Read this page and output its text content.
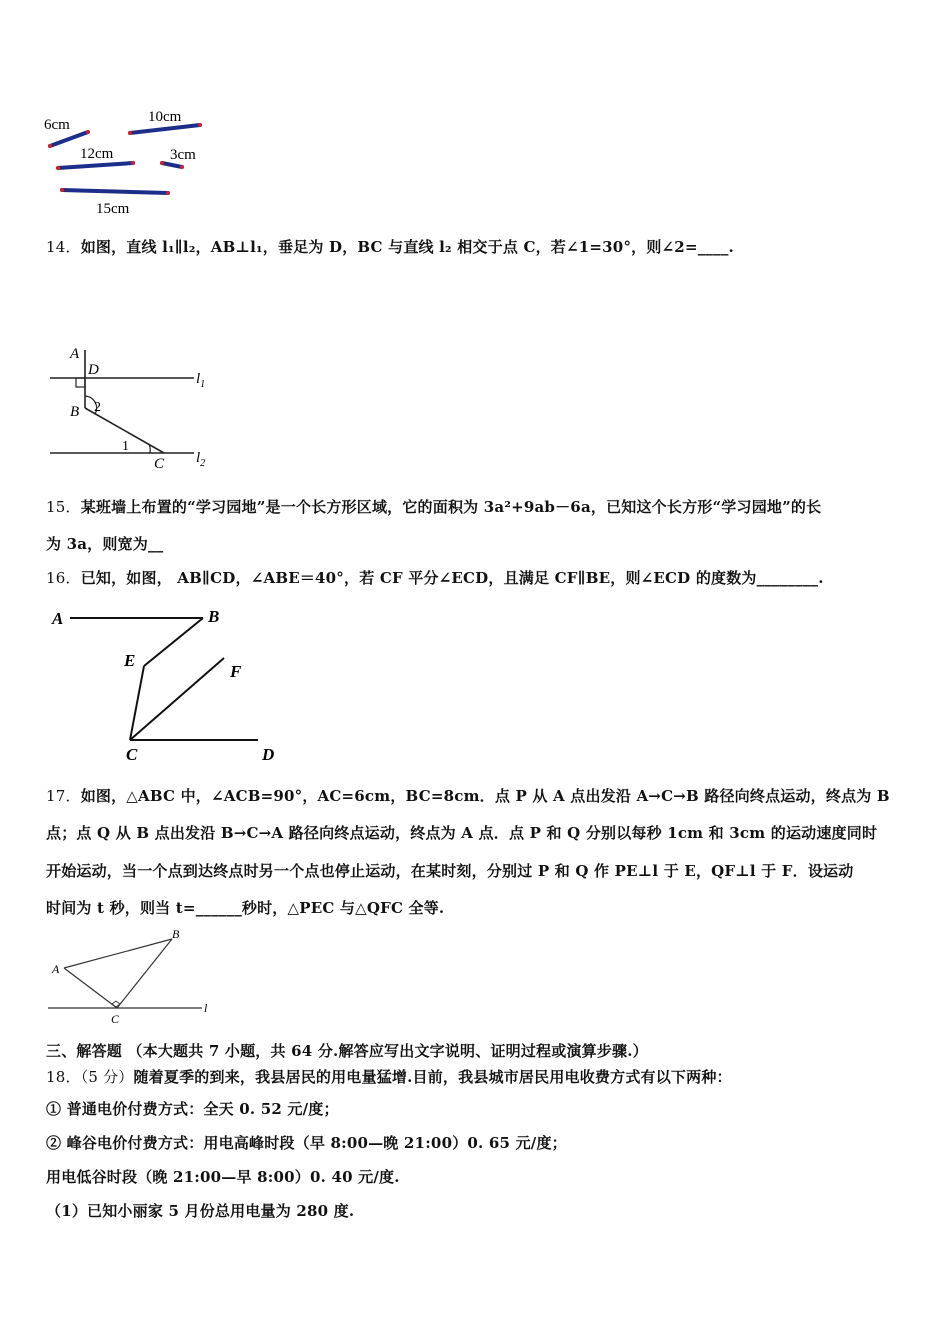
6cm	10cm
12cm	3cm
15cm
14．如图，直线 l₁∥l₂，AB⊥l₁，垂足为 D，BC 与直线 l₂ 相交于点 C，若∠1=30°，则∠2=____.
A
D
B 2
1
C
$l_1$
$l_2$
15．某班墙上布置的“学习园地”是一个长方形区域，它的面积为 3a²+9ab－6a，已知这个长方形“学习园地”的长
为 3a，则宽为__
16．已知，如图， AB∥CD，∠ABE＝40°，若 CF 平分∠ECD，且满足 CF∥BE，则∠ECD 的度数为________.
A	B
E
F
C	D
17．如图，△ABC 中，∠ACB=90°，AC=6cm，BC=8cm．点 P 从 A 点出发沿 A→C→B 路径向终点运动，终点为 B
点；点 Q 从 B 点出发沿 B→C→A 路径向终点运动，终点为 A 点．点 P 和 Q 分别以每秒 1cm 和 3cm 的运动速度同时
开始运动，当一个点到达终点时另一个点也停止运动，在某时刻，分别过 P 和 Q 作 PE⊥l 于 E，QF⊥l 于 F．设运动
时间为 t 秒，则当 t=______秒时，△PEC 与△QFC 全等.
A
B
C
l
三、解答题 （本大题共 7 小题，共 64 分.解答应写出文字说明、证明过程或演算步骤.）
18．（5 分）随着夏季的到来，我县居民的用电量猛增.目前，我县城市居民用电收费方式有以下两种：
① 普通电价付费方式：全天 0. 52 元/度；
② 峰谷电价付费方式：用电高峰时段（早 8:00—晚 21:00）0. 65 元/度；
用电低谷时段（晚 21:00—早 8:00）0. 40 元/度.
（1）已知小丽家 5 月份总用电量为 280 度.
